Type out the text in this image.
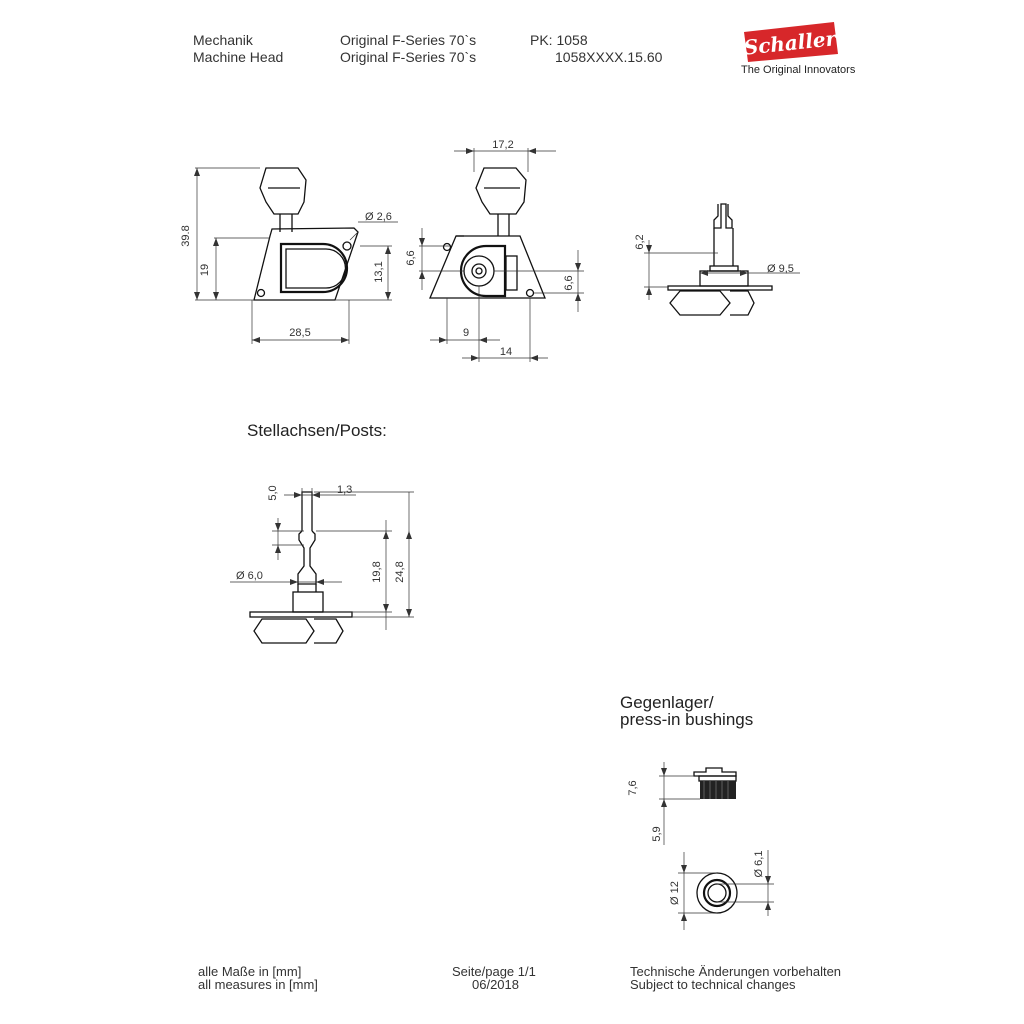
Mechanik
Machine Head
Original F-Series 70`s
Original F-Series 70`s
PK: 1058
1058XXXX.15.60	Schaller
The Original Innovators
39.8
19
Ø 2,6
13,1
28,5
17,2
6,6
6,6
9
14
6,2
Ø 9,5
5,0	1,3
Ø 6,0	19,8 24,8
7,6
5,9
Ø 12
Ø 6,1
Stellachsen/Posts:
Gegenlager/
press-in bushings
alle Maße in [mm]
all measures in [mm]
Seite/page 1/1
06/2018
Technische Änderungen vorbehalten
Subject to technical changes
